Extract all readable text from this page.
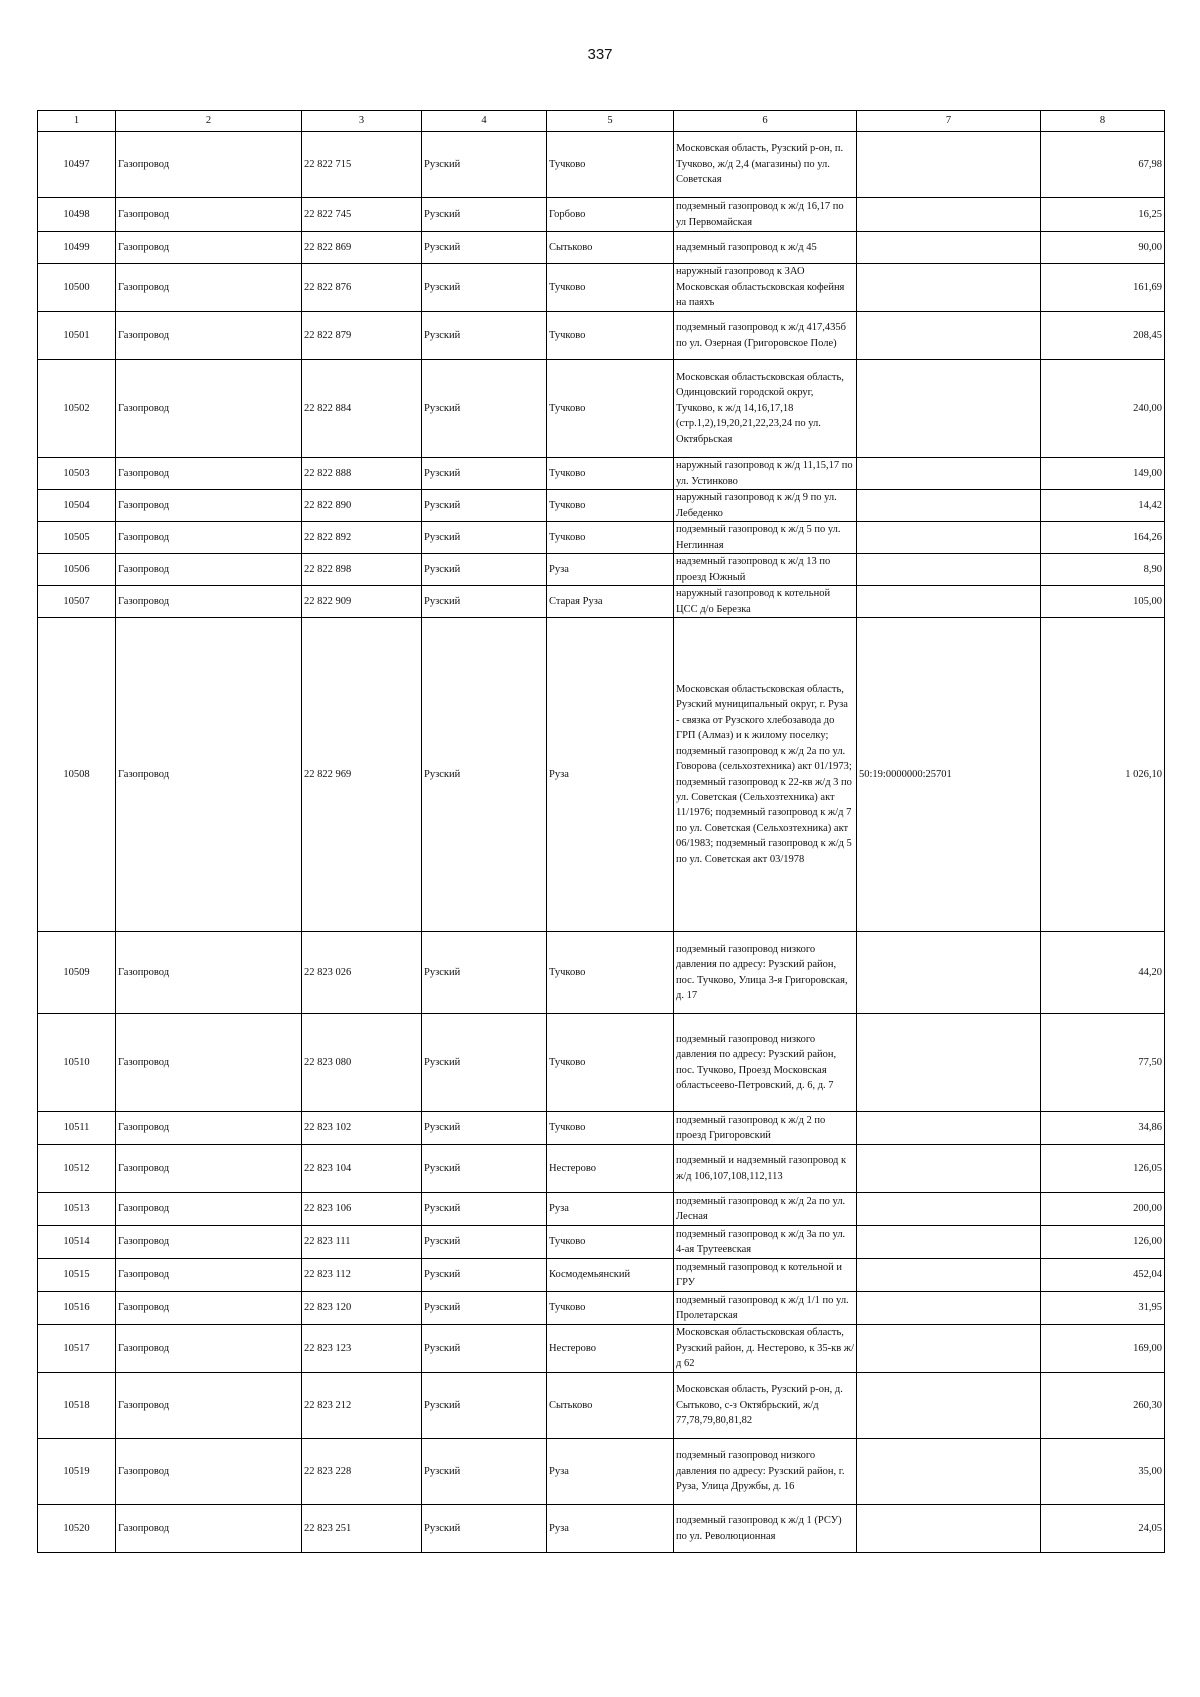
337
1	2	3	4	5	6	7	8
10497	Газопровод	22 822 715	Рузский	Тучково	Московская область, Рузский р-он, п. Тучково, ж/д 2,4 (магазины) по ул. Советская		67,98
10498	Газопровод	22 822 745	Рузский	Горбово	подземный газопровод к ж/д 16,17 по ул Первомайская		16,25
10499	Газопровод	22 822 869	Рузский	Сытьково	надземный газопровод к ж/д 45		90,00
10500	Газопровод	22 822 876	Рузский	Тучково	наружный газопровод к ЗАО Московская областьсковская кофейня на паяхъ		161,69
10501	Газопровод	22 822 879	Рузский	Тучково	подземный газопровод к ж/д 417,435б по ул. Озерная (Григоровское Поле)		208,45
10502	Газопровод	22 822 884	Рузский	Тучково	Московская областьсковская область, Одинцовский городской округ, Тучково, к ж/д 14,16,17,18 (стр.1,2),19,20,21,22,23,24 по ул. Октябрьская		240,00
10503	Газопровод	22 822 888	Рузский	Тучково	наружный газопровод к ж/д 11,15,17 по ул. Устинково		149,00
10504	Газопровод	22 822 890	Рузский	Тучково	наружный газопровод к ж/д 9 по ул. Лебеденко		14,42
10505	Газопровод	22 822 892	Рузский	Тучково	подземный газопровод к ж/д 5 по ул. Неглинная		164,26
10506	Газопровод	22 822 898	Рузский	Руза	надземный газопровод к ж/д 13 по проезд Южный		8,90
10507	Газопровод	22 822 909	Рузский	Старая Руза	наружный газопровод к котельной ЦСС д/о Березка		105,00
10508	Газопровод	22 822 969	Рузский	Руза	Московская областьсковская область, Рузский муниципальный округ, г. Руза - связка от Рузского хлебозавода до ГРП (Алмаз) и к жилому поселку; подземный газопровод к ж/д 2а по ул. Говорова (сельхозтехника) акт 01/1973; подземный газопровод к 22-кв ж/д 3 по ул. Советская (Сельхозтехника) акт 11/1976; подземный газопровод к ж/д 7 по ул. Советская (Сельхозтехника) акт 06/1983; подземный газопровод к ж/д 5 по ул. Советская акт 03/1978	50:19:0000000:25701	1 026,10
10509	Газопровод	22 823 026	Рузский	Тучково	подземный газопровод низкого давления по адресу: Рузский район, пос. Тучково, Улица 3-я Григоровская, д. 17		44,20
10510	Газопровод	22 823 080	Рузский	Тучково	подземный газопровод низкого давления по адресу: Рузский район, пос. Тучково, Проезд Московская областьсеево-Петровский, д. 6, д. 7		77,50
10511	Газопровод	22 823 102	Рузский	Тучково	подземный газопровод к ж/д 2 по проезд Григоровский		34,86
10512	Газопровод	22 823 104	Рузский	Нестерово	подземный и надземный газопровод к ж/д 106,107,108,112,113		126,05
10513	Газопровод	22 823 106	Рузский	Руза	подземный газопровод к ж/д 2а по ул. Лесная		200,00
10514	Газопровод	22 823 111	Рузский	Тучково	подземный газопровод к ж/д 3а по ул. 4-ая Трутеевская		126,00
10515	Газопровод	22 823 112	Рузский	Космодемьянский	подземный газопровод к котельной и ГРУ		452,04
10516	Газопровод	22 823 120	Рузский	Тучково	подземный газопровод к ж/д 1/1 по ул. Пролетарская		31,95
10517	Газопровод	22 823 123	Рузский	Нестерово	Московская областьсковская область, Рузский район, д. Нестерово, к 35-кв ж/д 62		169,00
10518	Газопровод	22 823 212	Рузский	Сытьково	Московская область, Рузский р-он, д. Сытьково, с-з Октябрьский, ж/д 77,78,79,80,81,82		260,30
10519	Газопровод	22 823 228	Рузский	Руза	подземный газопровод низкого давления по адресу: Рузский район, г. Руза, Улица Дружбы, д. 16		35,00
10520	Газопровод	22 823 251	Рузский	Руза	подземный газопровод к ж/д 1 (РСУ) по ул. Революционная		24,05
